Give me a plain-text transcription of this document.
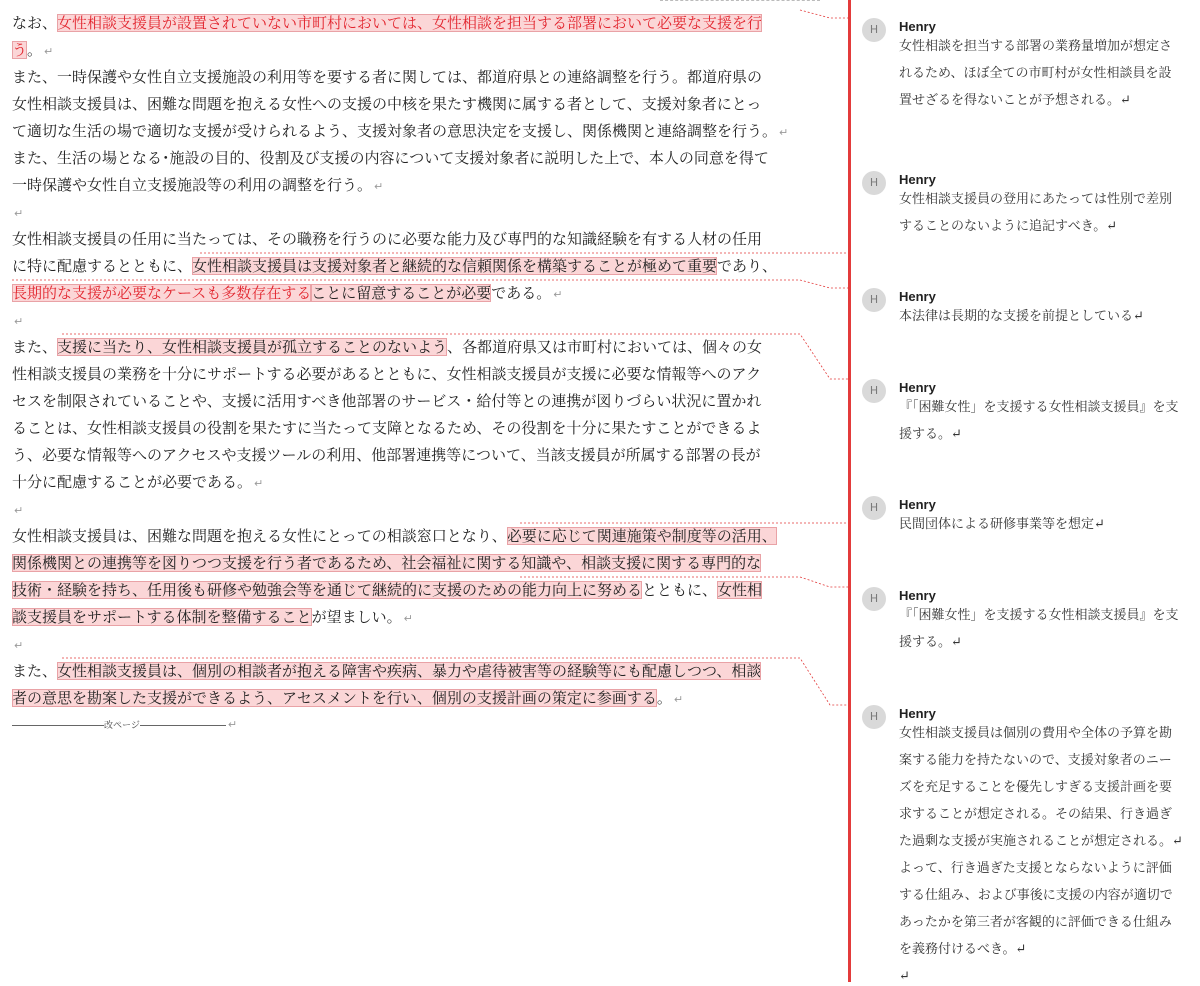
なお、女性相談支援員が設置されていない市町村においては、女性相談を担当する部署において必要な支援を行
う。 ↵
また、一時保護や女性自立支援施設の利用等を要する者に関しては、都道府県との連絡調整を行う。都道府県の
女性相談支援員は、困難な問題を抱える女性への支援の中核を果たす機関に属する者として、支援対象者にとっ
て適切な生活の場で適切な支援が受けられるよう、支援対象者の意思決定を支援し、関係機関と連絡調整を行う。 ↵
また、生活の場となる･施設の目的、役割及び支援の内容について支援対象者に説明した上で、本人の同意を得て
一時保護や女性自立支援施設等の利用の調整を行う。 ↵
↵
女性相談支援員の任用に当たっては、その職務を行うのに必要な能力及び専門的な知識経験を有する人材の任用
に特に配慮するとともに、女性相談支援員は支援対象者と継続的な信頼関係を構築することが極めて重要であり、
長期的な支援が必要なケースも多数存在することに留意することが必要である。 ↵
↵
また、支援に当たり、女性相談支援員が孤立することのないよう、各都道府県又は市町村においては、個々の女
性相談支援員の業務を十分にサポートする必要があるとともに、女性相談支援員が支援に必要な情報等へのアク
セスを制限されていることや、支援に活用すべき他部署のサービス・給付等との連携が図りづらい状況に置かれ
ることは、女性相談支援員の役割を果たすに当たって支障となるため、その役割を十分に果たすことができるよ
う、必要な情報等へのアクセスや支援ツールの利用、他部署連携等について、当該支援員が所属する部署の長が
十分に配慮することが必要である。 ↵
↵
女性相談支援員は、困難な問題を抱える女性にとっての相談窓口となり、必要に応じて関連施策や制度等の活用、
関係機関との連携等を図りつつ支援を行う者であるため、社会福祉に関する知識や、相談支援に関する専門的な
技術・経験を持ち、任用後も研修や勉強会等を通じて継続的に支援のための能力向上に努めるとともに、女性相
談支援員をサポートする体制を整備することが望ましい。 ↵
↵
また、女性相談支援員は、個別の相談者が抱える障害や疾病、暴力や虐待被害等の経験等にも配慮しつつ、相談
者の意思を勘案した支援ができるよう、アセスメントを行い、個別の支援計画の策定に参画する。 ↵
改ページ	↵
H	Henry
女性相談を担当する部署の業務量増加が想定さ
れるため、ほぼ全ての市町村が女性相談員を設
置せざるを得ないことが予想される。↵
H	Henry
女性相談支援員の登用にあたっては性別で差別
することのないように追記すべき。↵
H	Henry
本法律は長期的な支援を前提としている↵
H	Henry
『「困難女性」を支援する女性相談支援員』を支
援する。↵
H	Henry
民間団体による研修事業等を想定↵
H	Henry
『「困難女性」を支援する女性相談支援員』を支
援する。↵
H	Henry
女性相談支援員は個別の費用や全体の予算を勘
案する能力を持たないので、支援対象者のニー
ズを充足することを優先しすぎる支援計画を要
求することが想定される。その結果、行き過ぎ
た過剰な支援が実施されることが想定される。↵
よって、行き過ぎた支援とならないように評価
する仕組み、および事後に支援の内容が適切で
あったかを第三者が客観的に評価できる仕組み
を義務付けるべき。↵
↵
